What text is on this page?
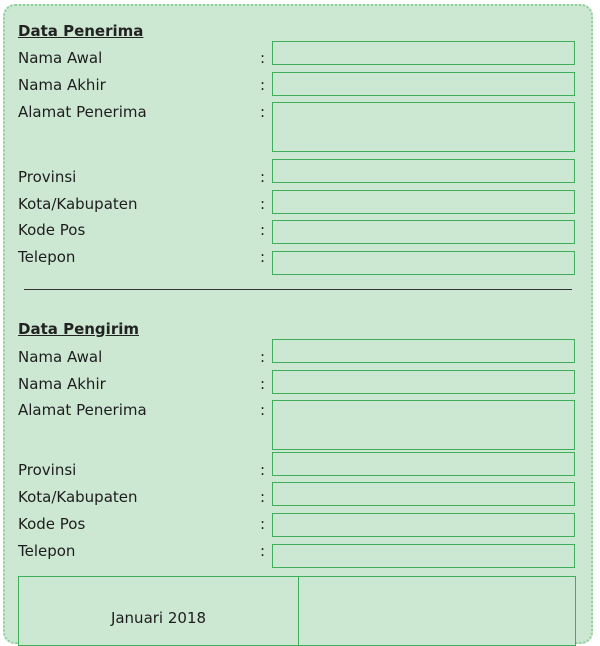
Data Penerima
Nama Awal	:
Nama Akhir	:
Alamat Penerima	:
Provinsi	:
Kota/Kabupaten	:
Kode Pos	:
Telepon	:
Data Pengirim
Nama Awal	:
Nama Akhir	:
Alamat Penerima	:
Provinsi	:
Kota/Kabupaten	:
Kode Pos	:
Telepon	:
Januari 2018
